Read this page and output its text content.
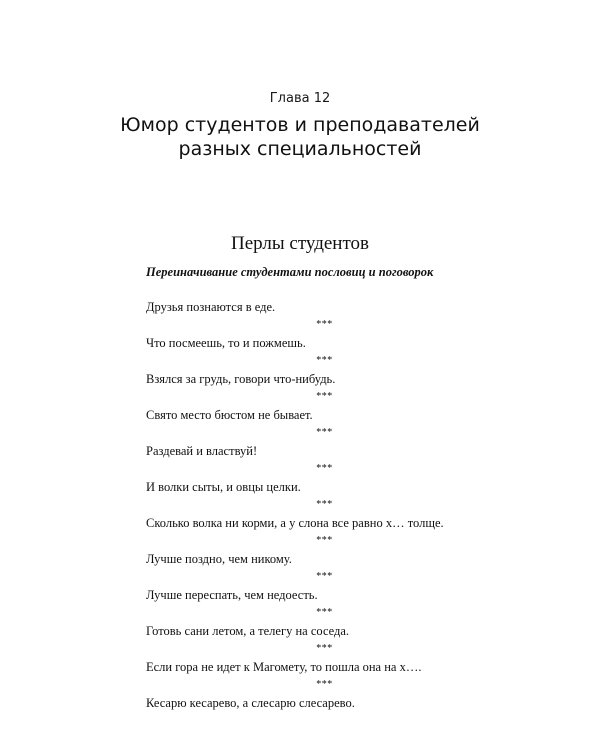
Глава 12
Юмор студентов и преподавателей
разных специальностей
Перлы студентов
Переиначивание студентами пословиц и поговорок
Друзья познаются в еде.
***
Что посмеешь, то и пожмешь.
***
Взялся за грудь, говори что-нибудь.
***
Свято место бюстом не бывает.
***
Раздевай и властвуй!
***
И волки сыты, и овцы целки.
***
Сколько волка ни корми, а у слона все равно х… толще.
***
Лучше поздно, чем никому.
***
Лучше переспать, чем недоесть.
***
Готовь сани летом, а телегу на соседа.
***
Если гора не идет к Магомету, то пошла она на х….
***
Кесарю кесарево, а слесарю слесарево.
